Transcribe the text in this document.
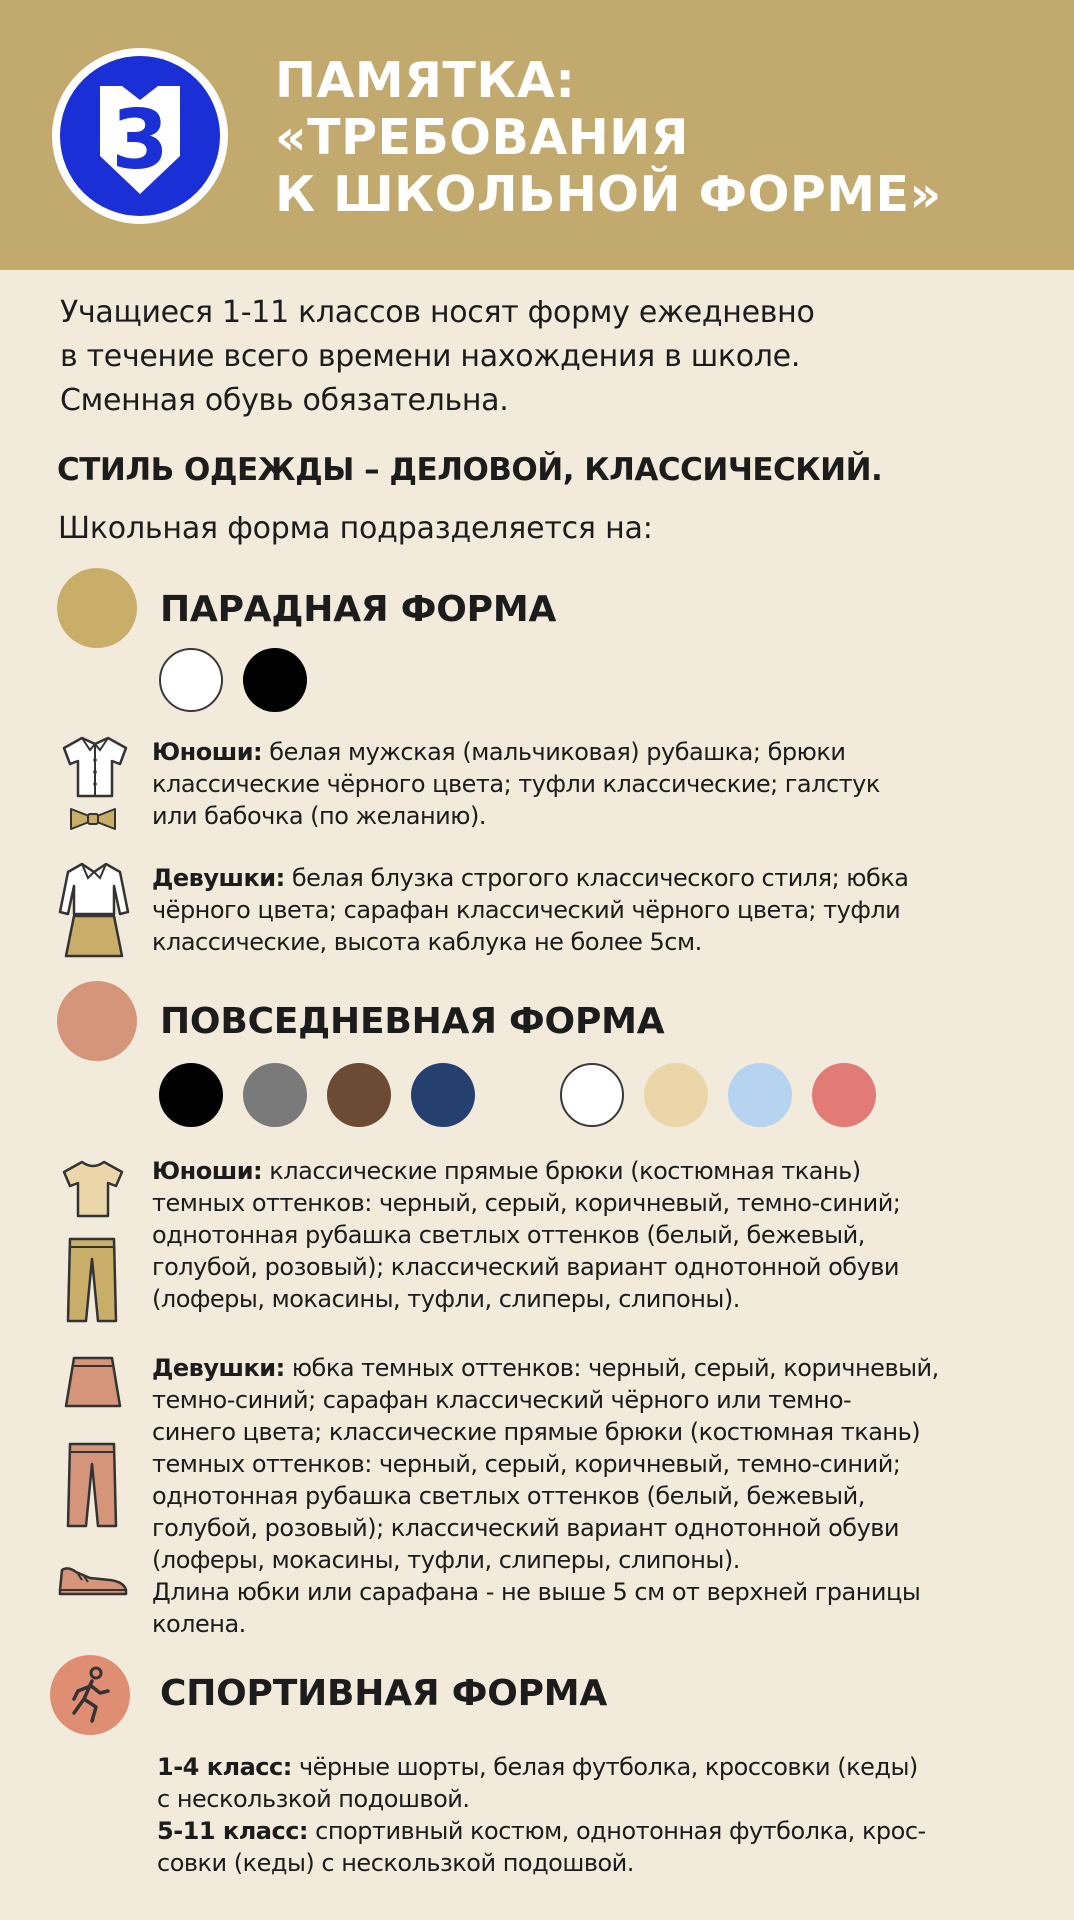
3
ПАМЯТКА:
«ТРЕБОВАНИЯ
К ШКОЛЬНОЙ ФОРМЕ»
Учащиеся 1-11 классов носят форму ежедневно
в течение всего времени нахождения в школе.
Сменная обувь обязательна.
СТИЛЬ ОДЕЖДЫ – ДЕЛОВОЙ, КЛАССИЧЕСКИЙ.
Школьная форма подразделяется на:
ПАРАДНАЯ ФОРМА
Юноши: белая мужская (мальчиковая) рубашка; брюки
классические чёрного цвета; туфли классические; галстук
или бабочка (по желанию).
Девушки: белая блузка строгого классического стиля; юбка
чёрного цвета; сарафан классический чёрного цвета; туфли
классические, высота каблука не более 5см.
ПОВСЕДНЕВНАЯ ФОРМА
Юноши: классические прямые брюки (костюмная ткань)
темных оттенков: черный, серый, коричневый, темно-синий;
однотонная рубашка светлых оттенков (белый, бежевый,
голубой, розовый); классический вариант однотонной обуви
(лоферы, мокасины, туфли, слиперы, слипоны).
Девушки: юбка темных оттенков: черный, серый, коричневый,
темно-синий; сарафан классический чёрного или темно-
синего цвета; классические прямые брюки (костюмная ткань)
темных оттенков: черный, серый, коричневый, темно-синий;
однотонная рубашка светлых оттенков (белый, бежевый,
голубой, розовый); классический вариант однотонной обуви
(лоферы, мокасины, туфли, слиперы, слипоны).
Длина юбки или сарафана - не выше 5 см от верхней границы
колена.
СПОРТИВНАЯ ФОРМА
1-4 класс: чёрные шорты, белая футболка, кроссовки (кеды)
с нескользкой подошвой.
5-11 класс: спортивный костюм, однотонная футболка, крос-
совки (кеды) с нескользкой подошвой.
